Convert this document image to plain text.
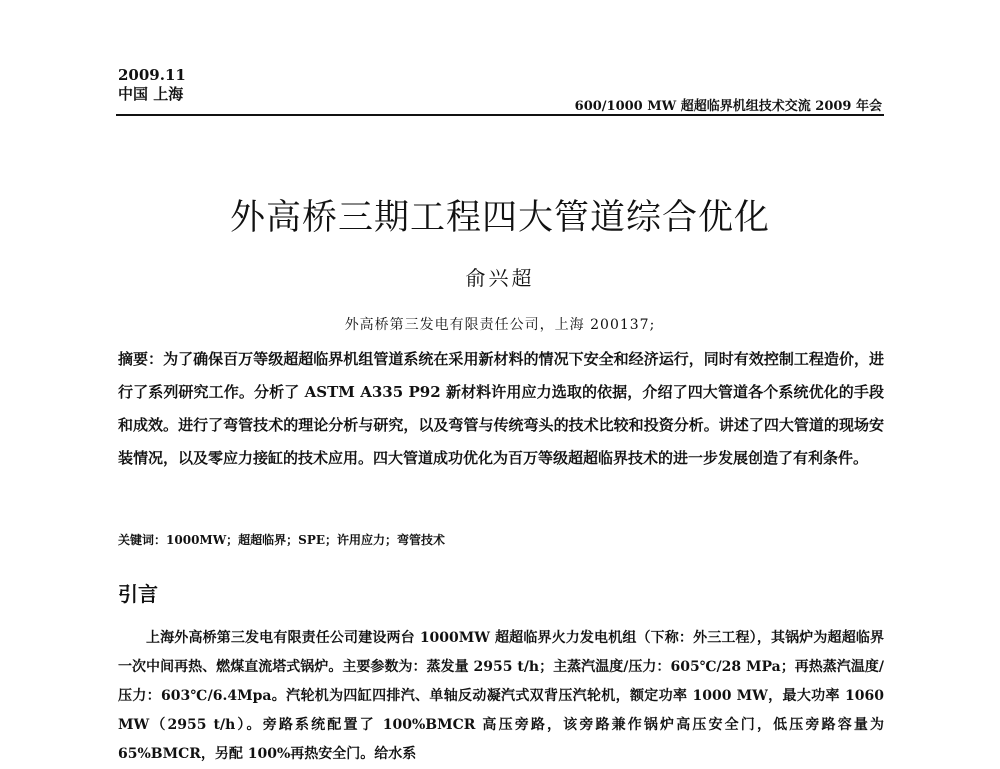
2009.11
中国 上海
600/1000 MW 超超临界机组技术交流 2009 年会
外高桥三期工程四大管道综合优化
俞兴超
外高桥第三发电有限责任公司，上海 200137;
摘要：为了确保百万等级超超临界机组管道系统在采用新材料的情况下安全和经济运行，同时有效控制工程造价，进行了系列研究工作。分析了 ASTM A335 P92 新材料许用应力选取的依据，介绍了四大管道各个系统优化的手段和成效。进行了弯管技术的理论分析与研究，以及弯管与传统弯头的技术比较和投资分析。讲述了四大管道的现场安装情况，以及零应力接缸的技术应用。四大管道成功优化为百万等级超超临界技术的进一步发展创造了有利条件。
关键词：1000MW；超超临界；SPE；许用应力；弯管技术
引言
上海外高桥第三发电有限责任公司建设两台 1000MW 超超临界火力发电机组（下称：外三工程），其锅炉为超超临界一次中间再热、燃煤直流塔式锅炉。主要参数为：蒸发量 2955 t/h；主蒸汽温度/压力：605℃/28 MPa；再热蒸汽温度/压力：603℃/6.4Mpa。汽轮机为四缸四排汽、单轴反动凝汽式双背压汽轮机，额定功率 1000 MW，最大功率 1060 MW（2955 t/h）。旁路系统配置了 100%BMCR 高压旁路，该旁路兼作锅炉高压安全门，低压旁路容量为 65%BMCR，另配 100%再热安全门。给水系
